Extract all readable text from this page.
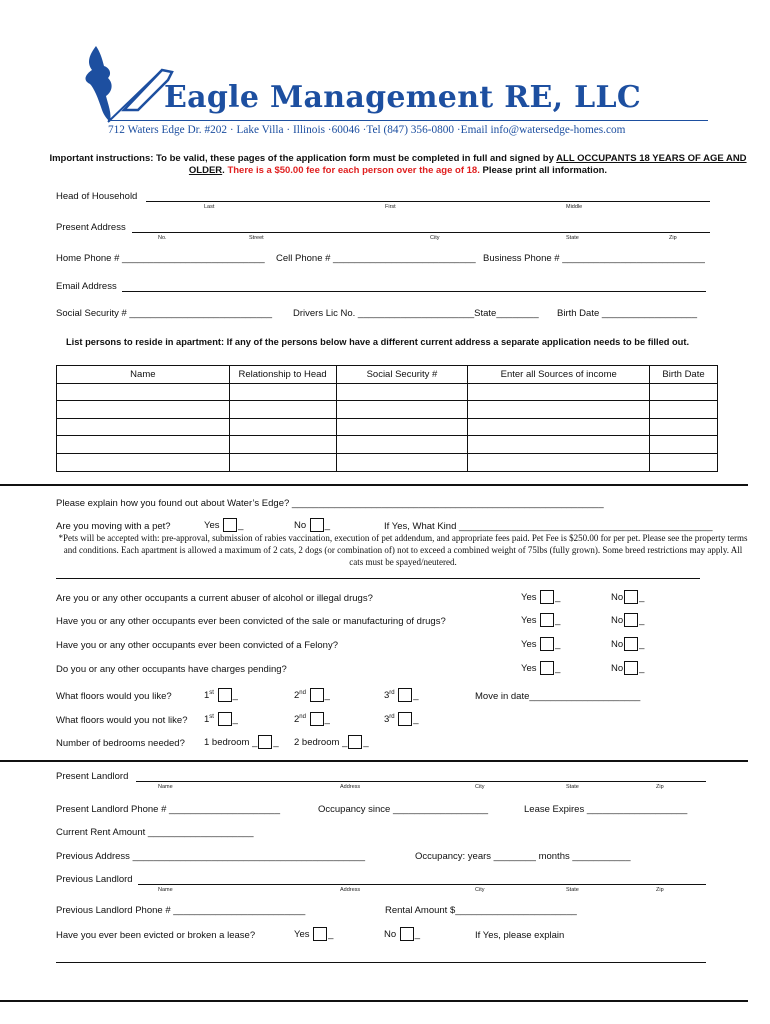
Eagle Management RE, LLC
712 Waters Edge Dr. #202 · Lake Villa · Illinois ·60046 ·Tel (847) 356-0800 ·Email info@watersedge-homes.com
Important instructions: To be valid, these pages of the application form must be completed in full and signed by ALL OCCUPANTS 18 YEARS OF AGE AND OLDER. There is a $50.00 fee for each person over the age of 18. Please print all information.
Head of Household
Last	First	Middle
Present Address
No.	Street	City	State	Zip
Home Phone # ___________________________ Cell Phone # ___________________________ Business Phone # ___________________________
Email Address
Social Security # ___________________________ Drivers Lic No. ______________________State________ Birth Date __________________
List persons to reside in apartment: If any of the persons below have a different current address a separate application needs to be filled out.
Name	Relationship to Head	Social Security #	Enter all Sources of income	Birth Date

Please explain how you found out about Water’s Edge? ___________________________________________________________
Are you moving with a pet?	Yes _	No _	If Yes, What Kind ________________________________________________
*Pets will be accepted with: pre-approval, submission of rabies vaccination, execution of pet addendum, and appropriate fees paid. Pet Fee is $250.00 for per pet. Please see the property terms and conditions. Each apartment is allowed a maximum of 2 cats, 2 dogs (or combination of) not to exceed a combined weight of 75lbs (fully grown). Some breed restrictions may apply. All cats must be spayed/neutered.
Are you or any other occupants a current abuser of alcohol or illegal drugs?	Yes _	No _
Have you or any other occupants ever been convicted of the sale or manufacturing of drugs?	Yes _	No _
Have you or any other occupants ever been convicted of a Felony?	Yes _	No _
Do you or any other occupants have charges pending?	Yes _	No _
What floors would you like?	1st _	2nd _	3rd _	Move in date_____________________
What floors would you not like? 1st _	2nd _	3rd _
Number of bedrooms needed? 1 bedroom _ _ 2 bedroom _ _
Present Landlord
Name	Address	City	State	Zip
Present Landlord Phone # _____________________	Occupancy since __________________	Lease Expires ___________________
Current Rent Amount ____________________
Previous Address ____________________________________________	Occupancy: years ________ months ___________
Previous Landlord
Name	Address	City	State	Zip
Previous Landlord Phone # _________________________	Rental Amount $_______________________
Have you ever been evicted or broken a lease?	Yes _	No _	If Yes, please explain
